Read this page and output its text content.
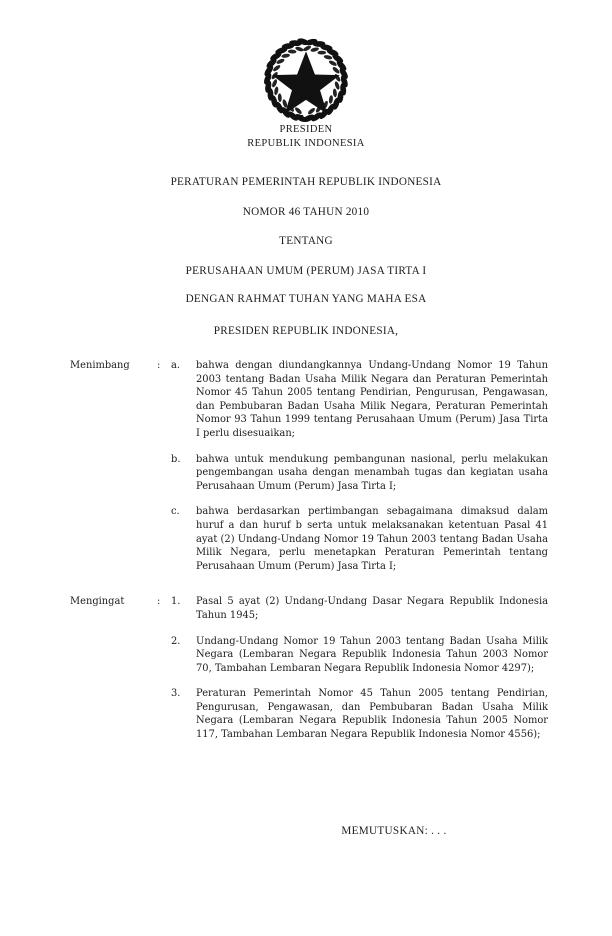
PRESIDEN
REPUBLIK INDONESIA
PERATURAN PEMERINTAH REPUBLIK INDONESIA
NOMOR 46 TAHUN 2010
TENTANG
PERUSAHAAN UMUM (PERUM) JASA TIRTA I
DENGAN RAHMAT TUHAN YANG MAHA ESA
PRESIDEN REPUBLIK INDONESIA,
Menimbang	: a.	bahwa dengan diundangkannya Undang-Undang Nomor 19 Tahun 2003 tentang Badan Usaha Milik Negara dan Peraturan Pemerintah Nomor 45 Tahun 2005 tentang Pendirian, Pengurusan, Pengawasan, dan Pembubaran Badan Usaha Milik Negara, Peraturan Pemerintah Nomor 93 Tahun 1999 tentang Perusahaan Umum (Perum) Jasa Tirta I perlu disesuaikan;
b.	bahwa untuk mendukung pembangunan nasional, perlu melakukan pengembangan usaha dengan menambah tugas dan kegiatan usaha Perusahaan Umum (Perum) Jasa Tirta I;
c.	bahwa berdasarkan pertimbangan sebagaimana dimaksud dalam huruf a dan huruf b serta untuk melaksanakan ketentuan Pasal 41 ayat (2) Undang-Undang Nomor 19 Tahun 2003 tentang Badan Usaha Milik Negara, perlu menetapkan Peraturan Pemerintah tentang Perusahaan Umum (Perum) Jasa Tirta I;
Mengingat	: 1.	Pasal 5 ayat (2) Undang-Undang Dasar Negara Republik Indonesia Tahun 1945;
2.	Undang-Undang Nomor 19 Tahun 2003 tentang Badan Usaha Milik Negara (Lembaran Negara Republik Indonesia Tahun 2003 Nomor 70, Tambahan Lembaran Negara Republik Indonesia Nomor 4297);
3.	Peraturan Pemerintah Nomor 45 Tahun 2005 tentang Pendirian, Pengurusan, Pengawasan, dan Pembubaran Badan Usaha Milik Negara (Lembaran Negara Republik Indonesia Tahun 2005 Nomor 117, Tambahan Lembaran Negara Republik Indonesia Nomor 4556);
MEMUTUSKAN: . . .
